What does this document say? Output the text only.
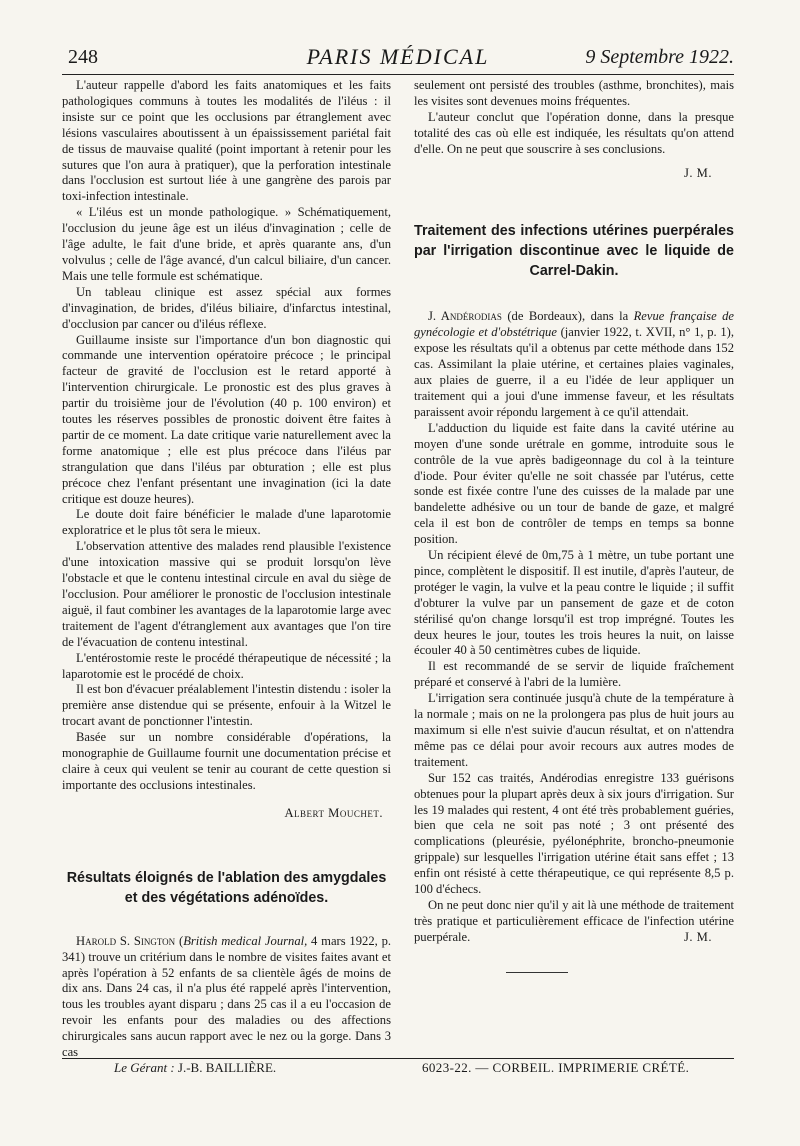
248	PARIS MÉDICAL	9 Septembre 1922.

L'auteur rappelle d'abord les faits anatomiques et les faits pathologiques communs à toutes les modalités de l'iléus : il insiste sur ce point que les occlusions par étranglement avec lésions vasculaires aboutissent à un épaississement pariétal fait de tissus de mauvaise qualité (point important à retenir pour les sutures que l'on aura à pratiquer), que la perforation intestinale dans l'occlusion est surtout liée à une gangrène des parois par toxi-infection intestinale.

« L'iléus est un monde pathologique. » Schématiquement, l'occlusion du jeune âge est un iléus d'invagination ; celle de l'âge adulte, le fait d'une bride, et après quarante ans, d'un volvulus ; celle de l'âge avancé, d'un calcul biliaire, d'un cancer. Mais une telle formule est schématique.

Un tableau clinique est assez spécial aux formes d'invagination, de brides, d'iléus biliaire, d'infarctus intestinal, d'occlusion par cancer ou d'iléus réflexe.

Guillaume insiste sur l'importance d'un bon diagnostic qui commande une intervention opératoire précoce ; le principal facteur de gravité de l'occlusion est le retard apporté à l'intervention chirurgicale. Le pronostic est des plus graves à partir du troisième jour de l'évolution (40 p. 100 environ) et toutes les réserves possibles de pronostic doivent être faites à partir de ce moment. La date critique varie naturellement avec la forme anatomique ; elle est plus précoce dans l'iléus par strangulation que dans l'iléus par obturation ; elle est plus précoce chez l'enfant présentant une invagination (ici la date critique est douze heures).

Le doute doit faire bénéficier le malade d'une laparotomie exploratrice et le plus tôt sera le mieux.

L'observation attentive des malades rend plausible l'existence d'une intoxication massive qui se produit lorsqu'on lève l'obstacle et que le contenu intestinal circule en aval du siège de l'occlusion. Pour améliorer le pronostic de l'occlusion intestinale aiguë, il faut combiner les avantages de la laparotomie large avec traitement de l'agent d'étranglement aux avantages que l'on tire de l'évacuation de contenu intestinal.

L'entérostomie reste le procédé thérapeutique de nécessité ; la laparotomie est le procédé de choix.

Il est bon d'évacuer préalablement l'intestin distendu : isoler la première anse distendue qui se présente, enfouir à la Witzel le trocart avant de ponctionner l'intestin.

Basée sur un nombre considérable d'opérations, la monographie de Guillaume fournit une documentation précise et claire à ceux qui veulent se tenir au courant de cette question si importante des occlusions intestinales.

Albert Mouchet.
Résultats éloignés de l'ablation des amygdales et des végétations adénoïdes.

Harold S. Sington (British medical Journal, 4 mars 1922, p. 341) trouve un critérium dans le nombre de visites faites avant et après l'opération à 52 enfants de sa clientèle âgés de moins de dix ans. Dans 24 cas, il n'a plus été rappelé après l'intervention, tous les troubles ayant disparu ; dans 25 cas il a eu l'occasion de revoir les enfants pour des maladies ou des affections chirurgicales sans aucun rapport avec le nez ou la gorge. Dans 3 cas

seulement ont persisté des troubles (asthme, bronchites), mais les visites sont devenues moins fréquentes.

L'auteur conclut que l'opération donne, dans la presque totalité des cas où elle est indiquée, les résultats qu'on attend d'elle. On ne peut que souscrire à ses conclusions.

J. M.
Traitement des infections utérines puerpérales par l'irrigation discontinue avec le liquide de Carrel-Dakin.

J. Andérodias (de Bordeaux), dans la Revue française de gynécologie et d'obstétrique (janvier 1922, t. XVII, n° 1, p. 1), expose les résultats qu'il a obtenus par cette méthode dans 152 cas. Assimilant la plaie utérine, et certaines plaies vaginales, aux plaies de guerre, il a eu l'idée de leur appliquer un traitement qui a joui d'une immense faveur, et les résultats paraissent avoir répondu largement à ce qu'il attendait.

L'adduction du liquide est faite dans la cavité utérine au moyen d'une sonde urétrale en gomme, introduite sous le contrôle de la vue après badigeonnage du col à la teinture d'iode. Pour éviter qu'elle ne soit chassée par l'utérus, cette sonde est fixée contre l'une des cuisses de la malade par une bandelette adhésive ou un tour de bande de gaze, et malgré cela il est bon de contrôler de temps en temps sa bonne position.

Un récipient élevé de 0m,75 à 1 mètre, un tube portant une pince, complètent le dispositif. Il est inutile, d'après l'auteur, de protéger le vagin, la vulve et la peau contre le liquide ; il suffit d'obturer la vulve par un pansement de gaze et de coton stérilisé qu'on change lorsqu'il est trop imprégné. Toutes les deux heures le jour, toutes les trois heures la nuit, on laisse écouler 40 à 50 centimètres cubes de liquide.

Il est recommandé de se servir de liquide fraîchement préparé et conservé à l'abri de la lumière.

L'irrigation sera continuée jusqu'à chute de la température à la normale ; mais on ne la prolongera pas plus de huit jours au maximum si elle n'est suivie d'aucun résultat, et on n'attendra même pas ce délai pour avoir recours aux autres modes de traitement.

Sur 152 cas traités, Andérodias enregistre 133 guérisons obtenues pour la plupart après deux à six jours d'irrigation. Sur les 19 malades qui restent, 4 ont été très probablement guéries, bien que cela ne soit pas noté ; 3 ont présenté des complications (pleurésie, pyélonéphrite, broncho-pneumonie grippale) sur lesquelles l'irrigation utérine était sans effet ; 13 enfin ont résisté à cette thérapeutique, ce qui représente 8,5 p. 100 d'échecs.

On ne peut donc nier qu'il y ait là une méthode de traitement très pratique et particulièrement efficace de l'infection utérine puerpérale.	J. M.
Le Gérant : J.-B. BAILLIÈRE.	6023-22. — CORBEIL. IMPRIMERIE CRÉTÉ.
